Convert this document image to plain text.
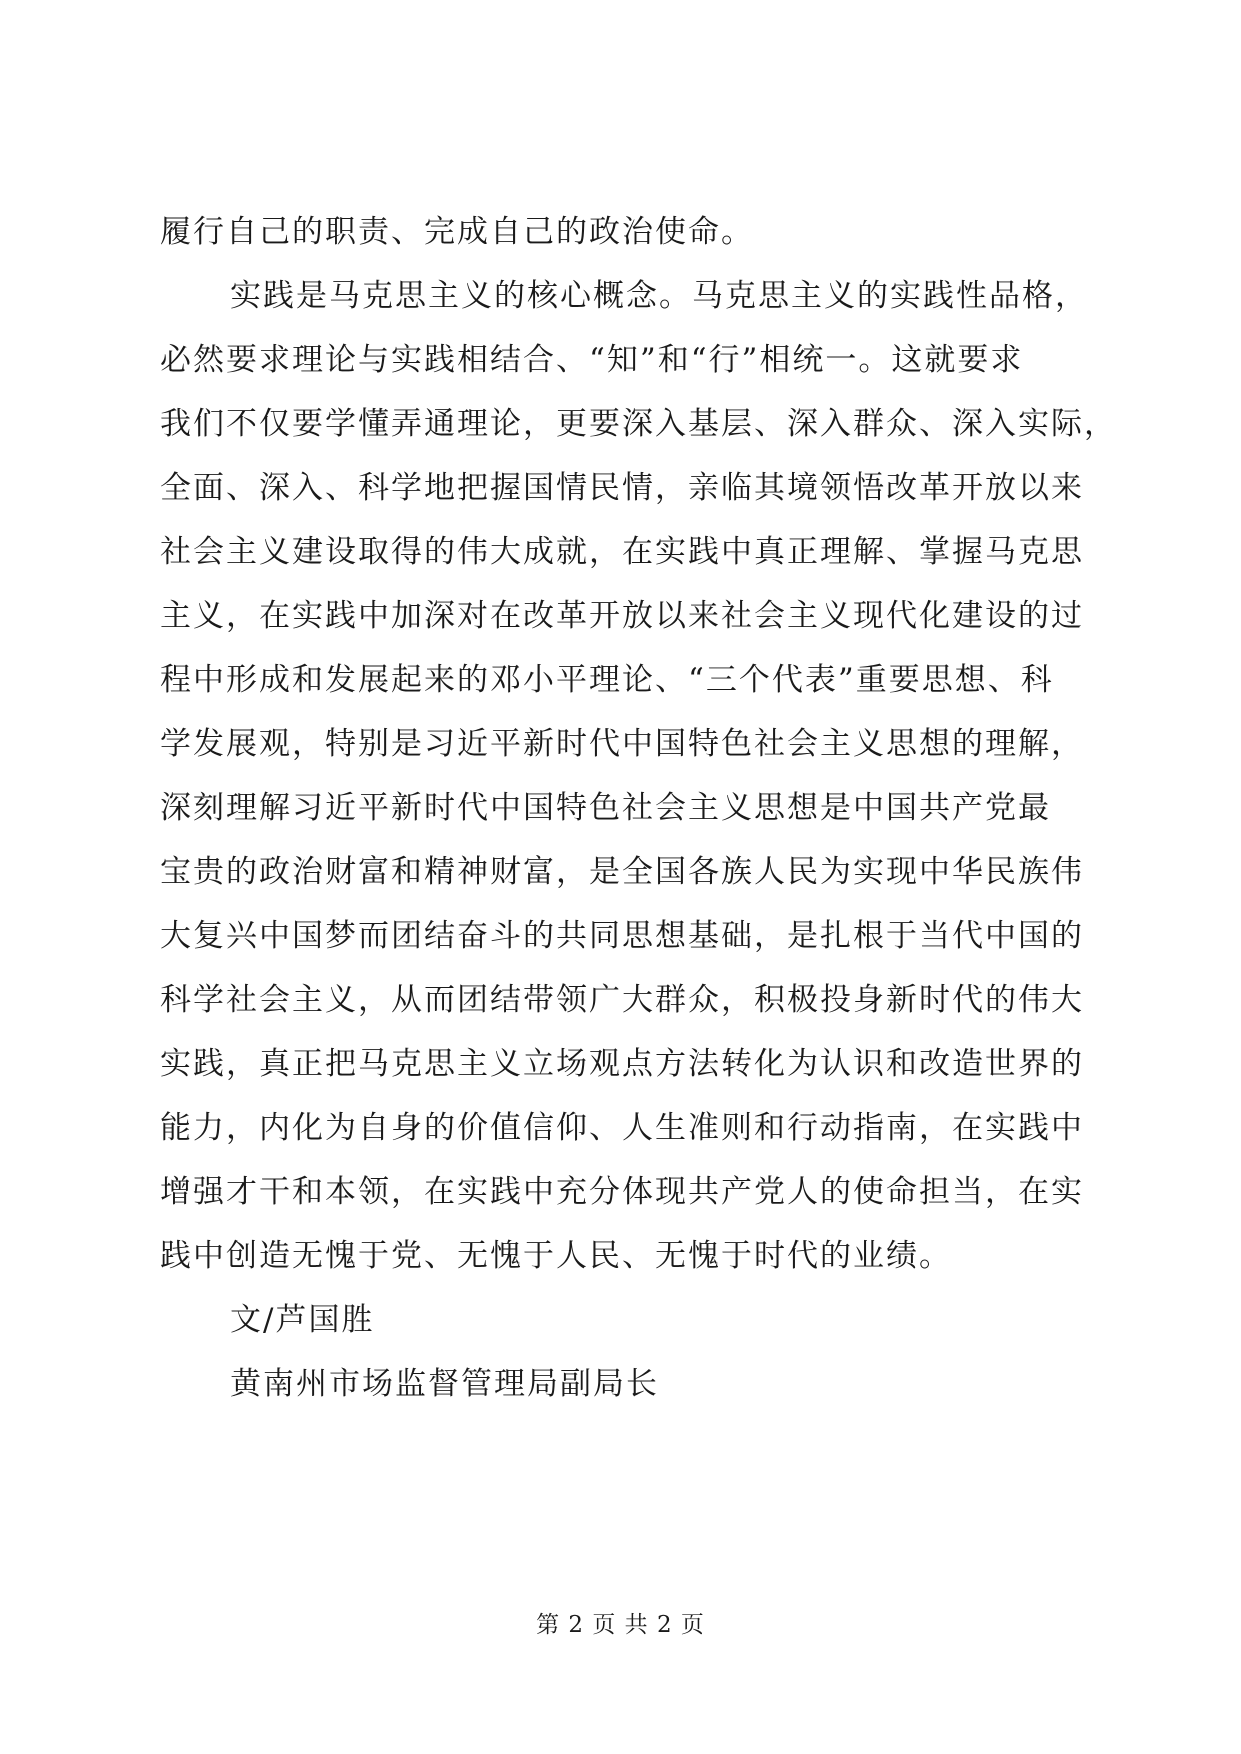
履行自己的职责、完成自己的政治使命。
实践是马克思主义的核心概念。马克思主义的实践性品格，
必然要求理论与实践相结合、“知”和“行”相统一。这就要求
我们不仅要学懂弄通理论，更要深入基层、深入群众、深入实际，
全面、深入、科学地把握国情民情，亲临其境领悟改革开放以来
社会主义建设取得的伟大成就，在实践中真正理解、掌握马克思
主义，在实践中加深对在改革开放以来社会主义现代化建设的过
程中形成和发展起来的邓小平理论、“三个代表”重要思想、科
学发展观，特别是习近平新时代中国特色社会主义思想的理解，
深刻理解习近平新时代中国特色社会主义思想是中国共产党最
宝贵的政治财富和精神财富，是全国各族人民为实现中华民族伟
大复兴中国梦而团结奋斗的共同思想基础，是扎根于当代中国的
科学社会主义，从而团结带领广大群众，积极投身新时代的伟大
实践，真正把马克思主义立场观点方法转化为认识和改造世界的
能力，内化为自身的价值信仰、人生准则和行动指南，在实践中
增强才干和本领，在实践中充分体现共产党人的使命担当，在实
践中创造无愧于党、无愧于人民、无愧于时代的业绩。
文/芦国胜
黄南州市场监督管理局副局长
第 2 页 共 2 页
